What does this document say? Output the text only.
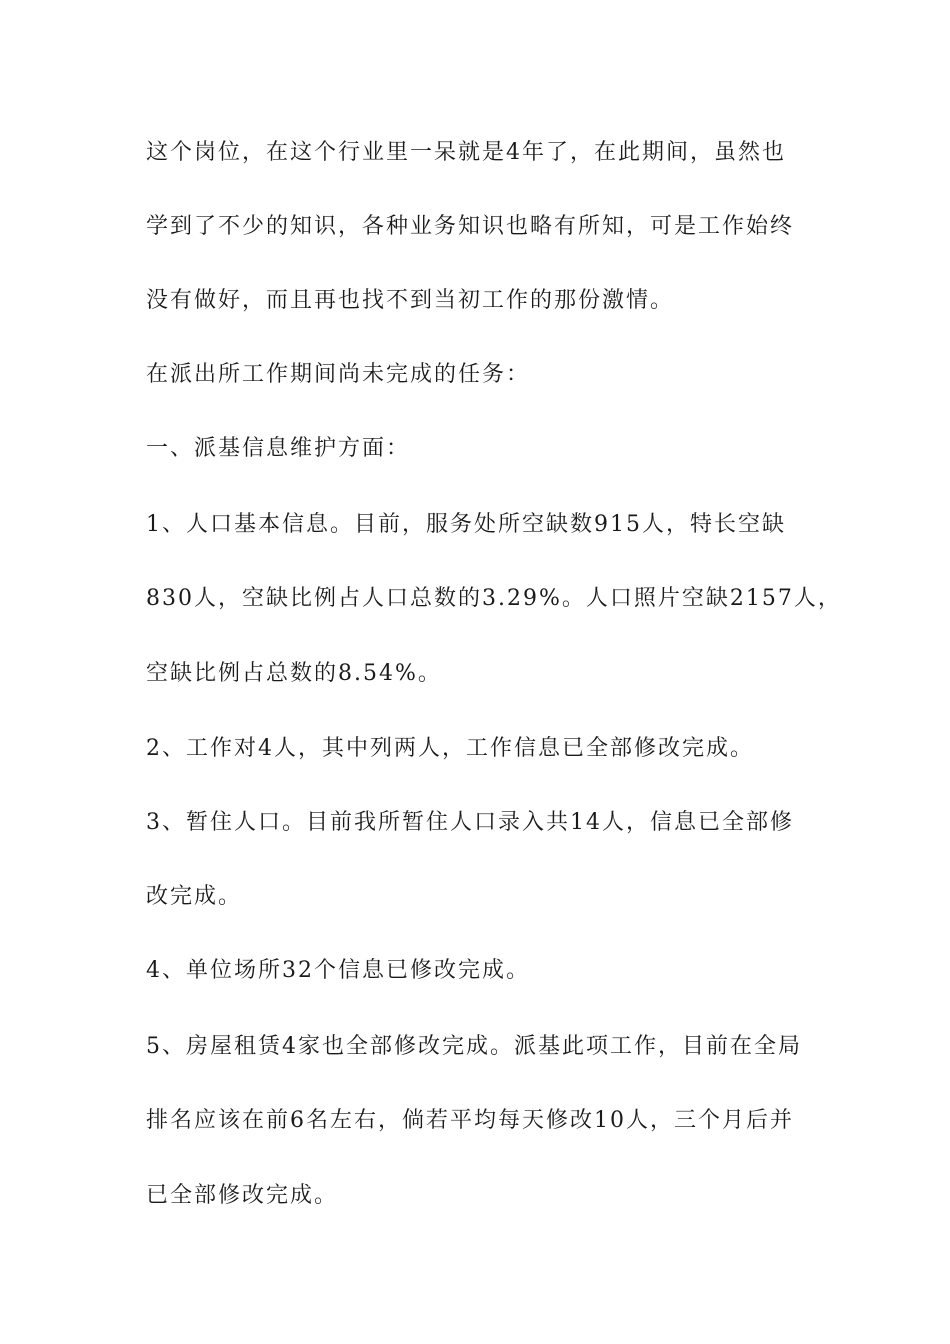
这个岗位，在这个行业里一呆就是4年了，在此期间，虽然也
学到了不少的知识，各种业务知识也略有所知，可是工作始终
没有做好，而且再也找不到当初工作的那份激情。
在派出所工作期间尚未完成的任务：
一、派基信息维护方面：
1、人口基本信息。目前，服务处所空缺数915人，特长空缺
830人，空缺比例占人口总数的3.29%。人口照片空缺2157人，
空缺比例占总数的8.54%。
2、工作对4人，其中列两人，工作信息已全部修改完成。
3、暂住人口。目前我所暂住人口录入共14人，信息已全部修
改完成。
4、单位场所32个信息已修改完成。
5、房屋租赁4家也全部修改完成。派基此项工作，目前在全局
排名应该在前6名左右，倘若平均每天修改10人，三个月后并
已全部修改完成。
